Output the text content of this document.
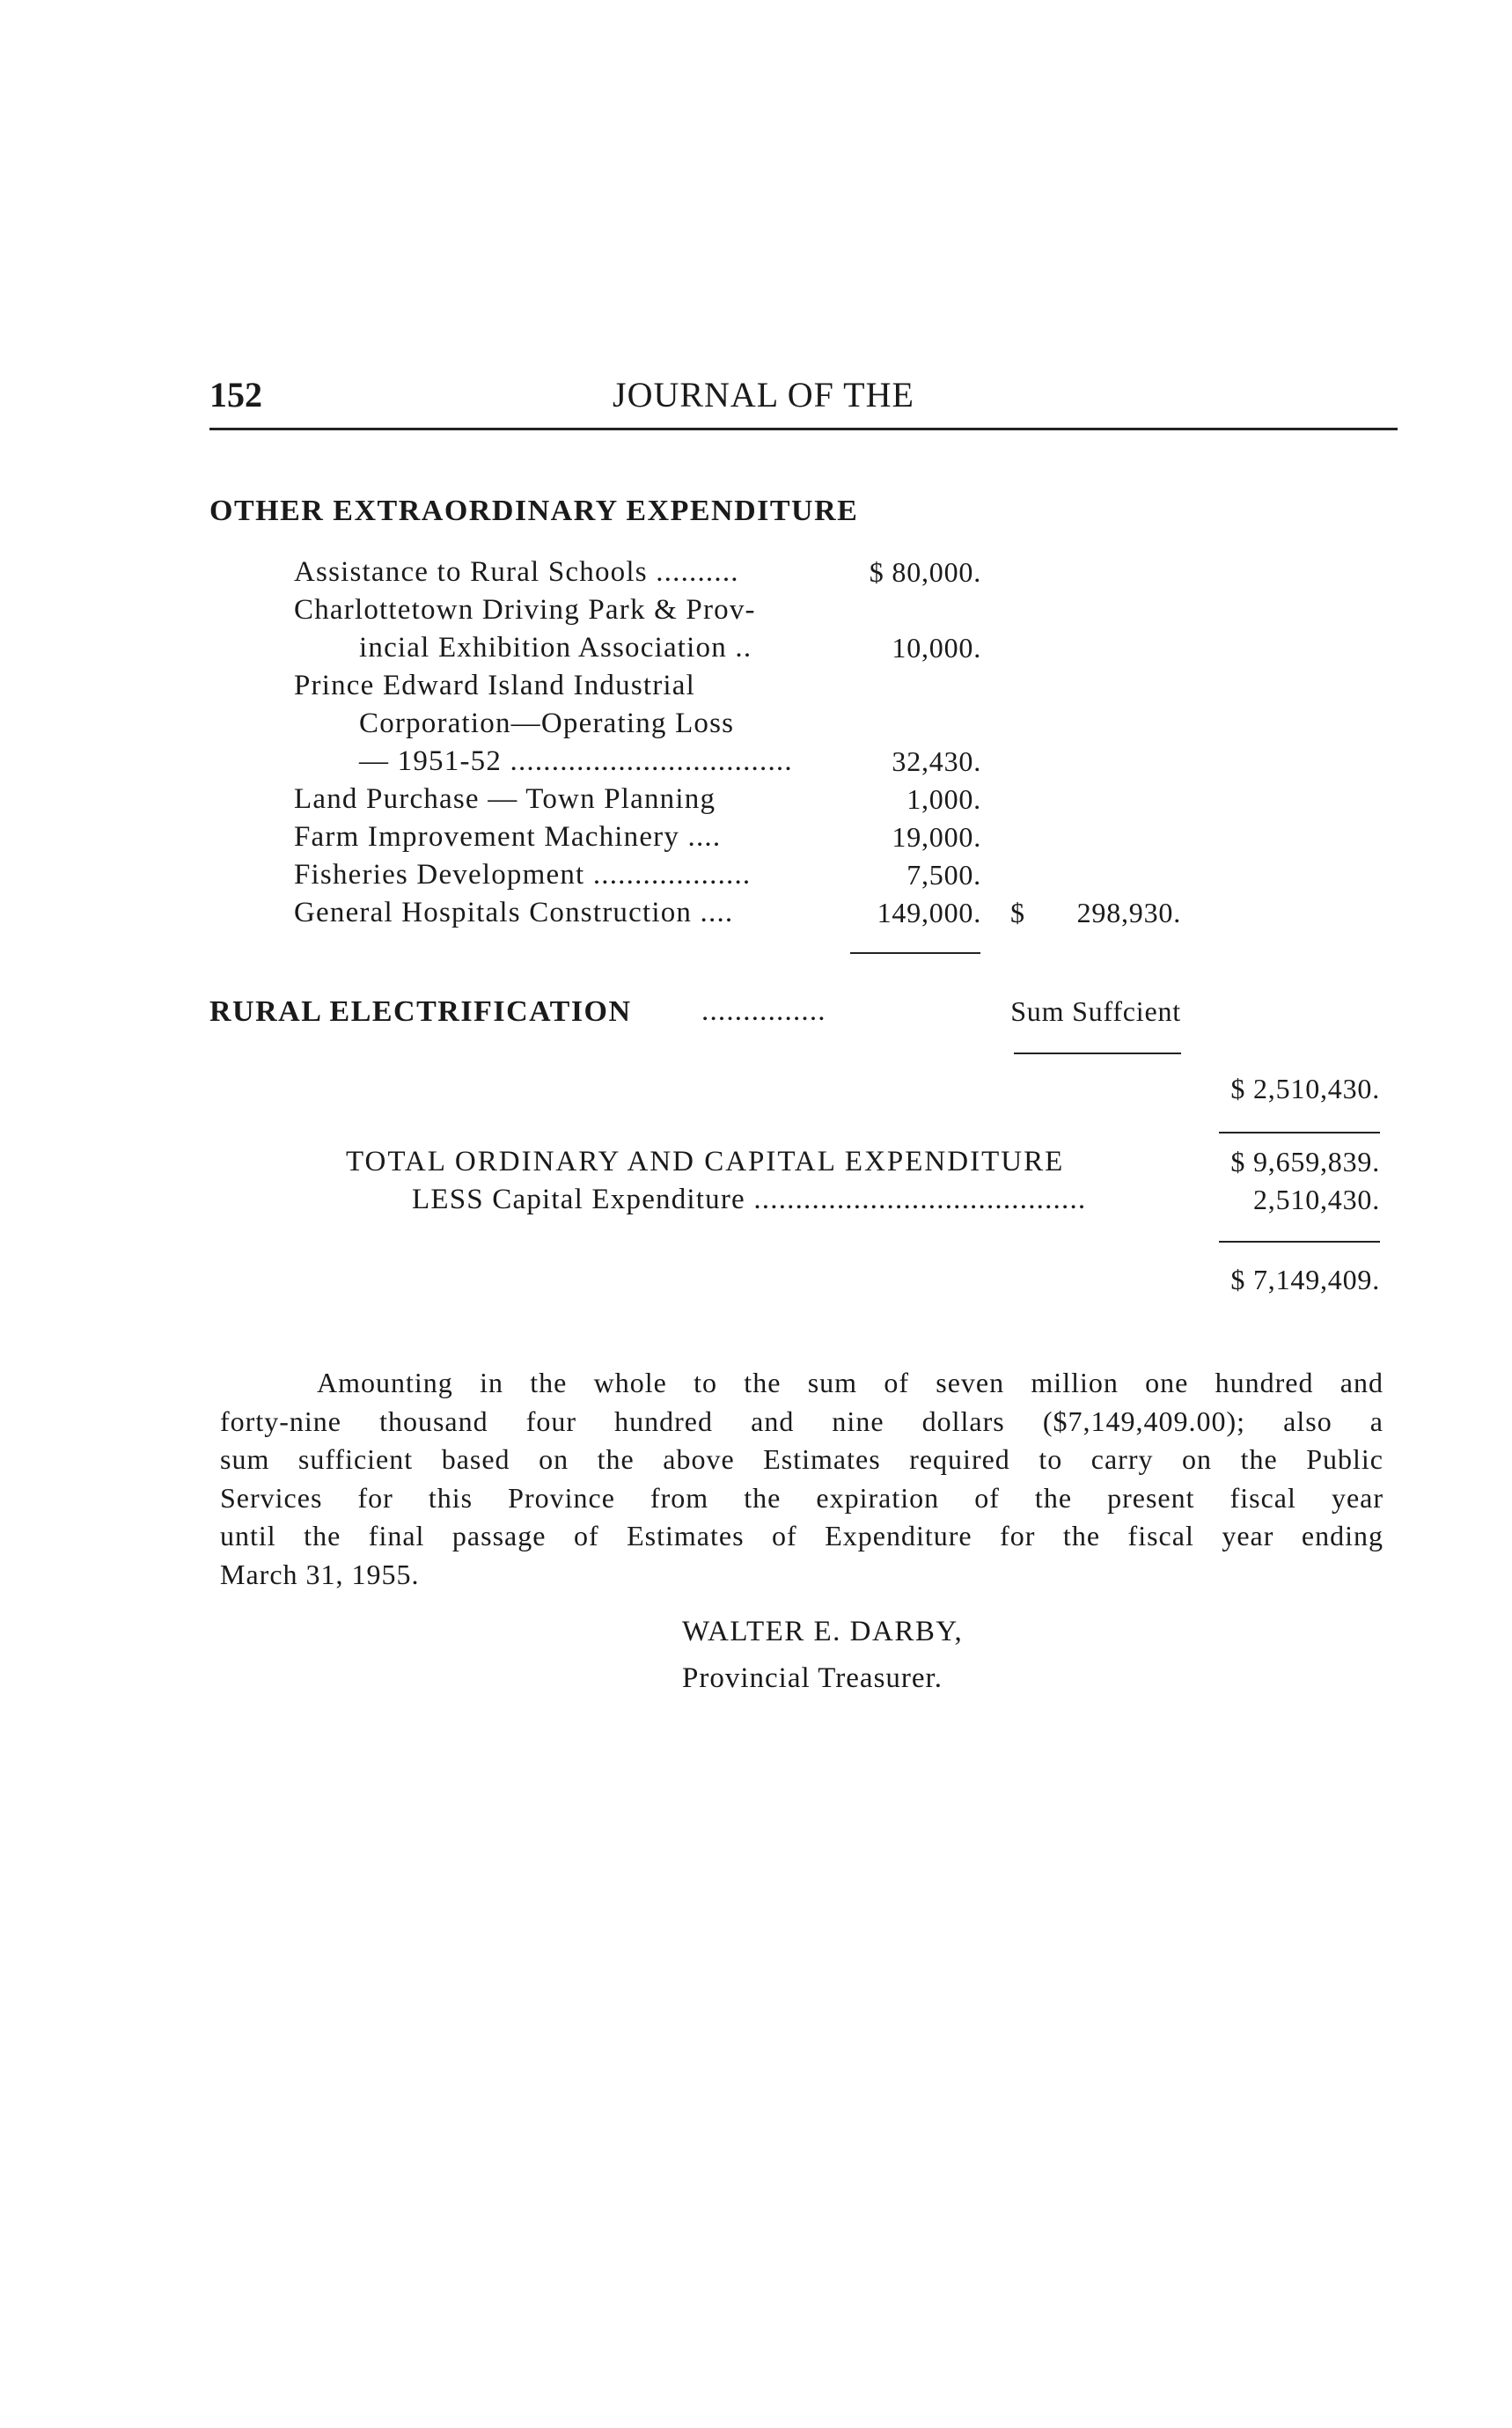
152	JOURNAL OF THE
OTHER EXTRAORDINARY EXPENDITURE
Assistance to Rural Schools ..........	$ 80,000.
Charlottetown Driving Park & Prov-
incial Exhibition Association ..	10,000.
Prince Edward Island Industrial
Corporation—Operating Loss
— 1951-52 ..................................	32,430.
Land Purchase — Town Planning	1,000.
Farm Improvement Machinery ....	19,000.
Fisheries Development ...................	7,500.
General Hospitals Construction ....	149,000. $	298,930.
RURAL ELECTRIFICATION ...............	Sum Suffcient
$ 2,510,430.
TOTAL ORDINARY AND CAPITAL EXPENDITURE	$ 9,659,839.
LESS Capital Expenditure ........................................	2,510,430.
$ 7,149,409.
Amounting in the whole to the sum of seven million one hundred and
forty-nine thousand four hundred and nine dollars ($7,149,409.00); also a
sum sufficient based on the above Estimates required to carry on the Public
Services for this Province from the expiration of the present fiscal year
until the final passage of Estimates of Expenditure for the fiscal year ending
March 31, 1955.
WALTER E. DARBY,
Provincial Treasurer.
